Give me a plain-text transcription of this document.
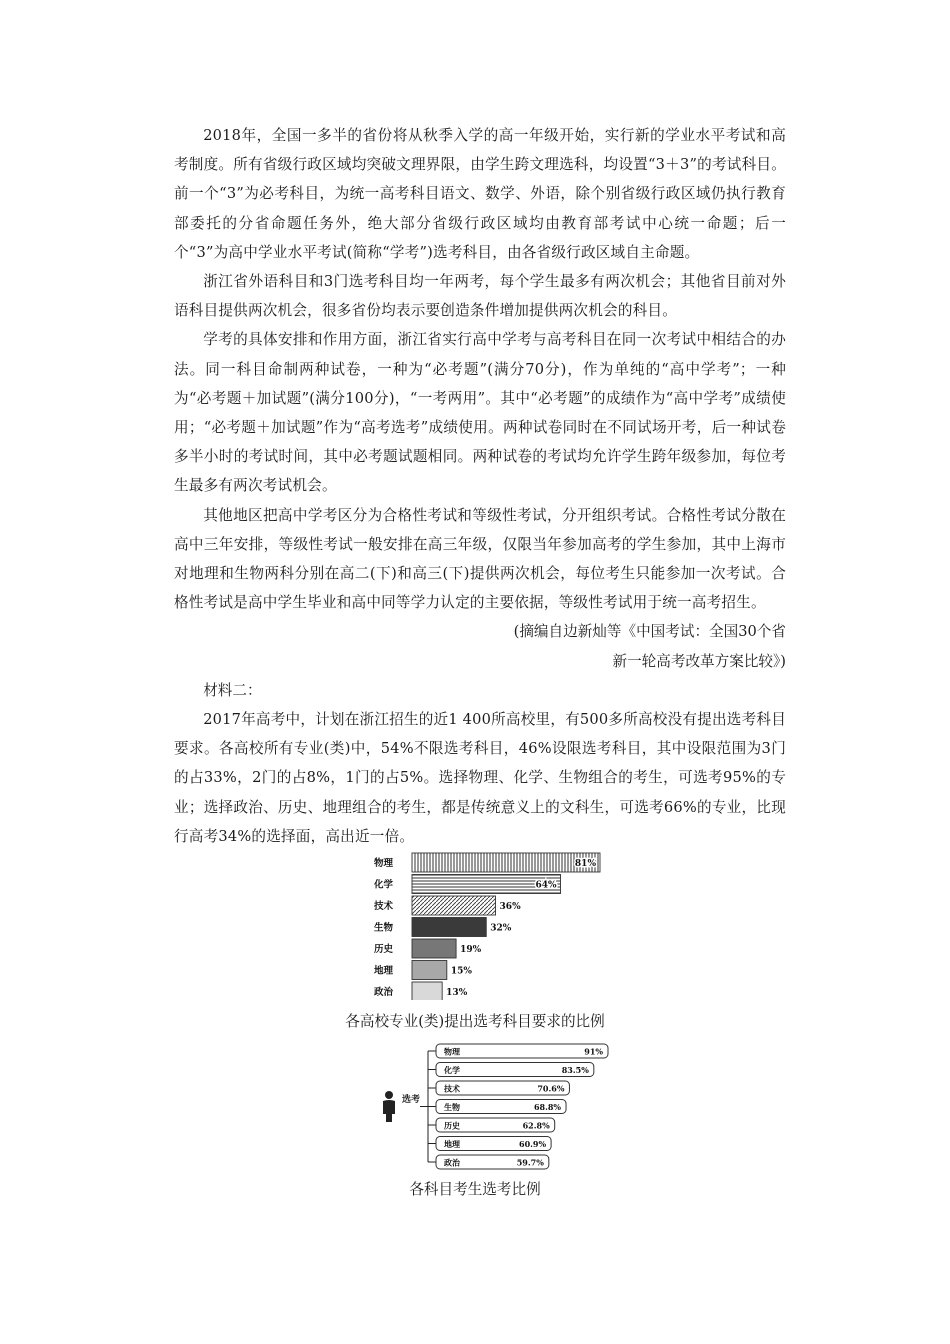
2018年，全国一多半的省份将从秋季入学的高一年级开始，实行新的学业水平考试和高考制度。所有省级行政区域均突破文理界限，由学生跨文理选科，均设置“3＋3”的考试科目。前一个“3”为必考科目，为统一高考科目语文、数学、外语，除个别省级行政区域仍执行教育部委托的分省命题任务外，绝大部分省级行政区域均由教育部考试中心统一命题；后一个“3”为高中学业水平考试(简称“学考”)选考科目，由各省级行政区域自主命题。

浙江省外语科目和3门选考科目均一年两考，每个学生最多有两次机会；其他省目前对外语科目提供两次机会，很多省份均表示要创造条件增加提供两次机会的科目。

学考的具体安排和作用方面，浙江省实行高中学考与高考科目在同一次考试中相结合的办法。同一科目命制两种试卷，一种为“必考题”(满分70分)，作为单纯的“高中学考”；一种为“必考题＋加试题”(满分100分)，“一考两用”。其中“必考题”的成绩作为“高中学考”成绩使用；“必考题＋加试题”作为“高考选考”成绩使用。两种试卷同时在不同试场开考，后一种试卷多半小时的考试时间，其中必考题试题相同。两种试卷的考试均允许学生跨年级参加，每位考生最多有两次考试机会。

其他地区把高中学考区分为合格性考试和等级性考试，分开组织考试。合格性考试分散在高中三年安排，等级性考试一般安排在高三年级，仅限当年参加高考的学生参加，其中上海市对地理和生物两科分别在高二(下)和高三(下)提供两次机会，每位考生只能参加一次考试。合格性考试是高中学生毕业和高中同等学力认定的主要依据，等级性考试用于统一高考招生。

(摘编自边新灿等《中国考试：全国30个省

新一轮高考改革方案比较》)

材料二：

2017年高考中，计划在浙江招生的近1 400所高校里，有500多所高校没有提出选考科目要求。各高校所有专业(类)中，54%不限选考科目，46%设限选考科目，其中设限范围为3门的占33%，2门的占8%，1门的占5%。选择物理、化学、生物组合的考生，可选考95%的专业；选择政治、历史、地理组合的考生，都是传统意义上的文科生，可选考66%的专业，比现行高考34%的选择面，高出近一倍。

物理	81%
化学	64%
技术	36%
生物	32%
历史	19%
地理	15%
政治	13%
各高校专业(类)提出选考科目要求的比例
选考
物理	91%
化学	83.5%
技术	70.6%
生物	68.8%
历史	62.8%
地理	60.9%
政治	59.7%
各科目考生选考比例
